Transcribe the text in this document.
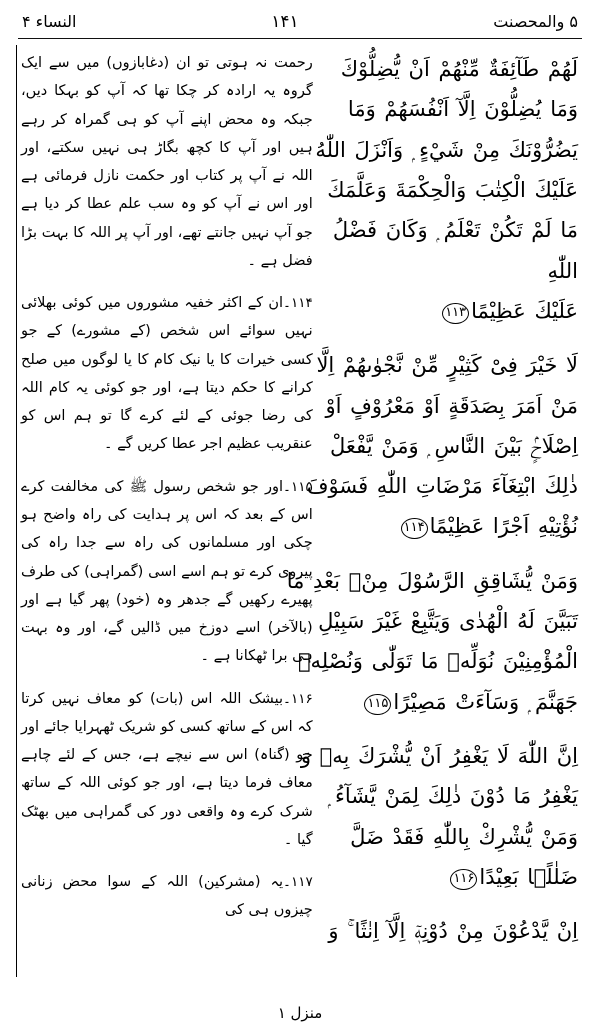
النساء ۴	۱۴۱	۵ والمحصنت

رحمت نہ ہوتی تو ان (دغابازوں) میں سے ایک گروہ یہ ارادہ کر چکا تھا کہ آپ کو بہکا دیں، جبکہ وہ محض اپنے آپ کو ہی گمراہ کر رہے ہیں اور آپ کا کچھ بگاڑ ہی نہیں سکتے، اور اللہ نے آپ پر کتاب اور حکمت نازل فرمائی ہے اور اس نے آپ کو وہ سب علم عطا کر دیا ہے جو آپ نہیں جانتے تھے، اور آپ پر اللہ کا بہت بڑا فضل ہے ۔

۱۱۴۔ان کے اکثر خفیہ مشوروں میں کوئی بھلائی نہیں سوائے اس شخص (کے مشورے) کے جو کسی خیرات کا یا نیک کام کا یا لوگوں میں صلح کرانے کا حکم دیتا ہے، اور جو کوئی یہ کام اللہ کی رضا جوئی کے لئے کرے گا تو ہم اس کو عنقریب عظیم اجر عطا کریں گے ۔

۱۱۵۔اور جو شخص رسول ﷺ کی مخالفت کرے اس کے بعد کہ اس پر ہدایت کی راہ واضح ہو چکی اور مسلمانوں کی راہ سے جدا راہ کی پیروی کرے تو ہم اسے اسی (گمراہی) کی طرف پھیرے رکھیں گے جدھر وہ (خود) پھر گیا ہے اور (بالآخر) اسے دوزخ میں ڈالیں گے، اور وہ بہت ہی برا ٹھکانا ہے ۔

۱۱۶۔بیشک اللہ اس (بات) کو معاف نہیں کرتا کہ اس کے ساتھ کسی کو شریک ٹھہرایا جائے اور جو (گناہ) اس سے نیچے ہے، جس کے لئے چاہے معاف فرما دیتا ہے، اور جو کوئی اللہ کے ساتھ شرک کرے وہ واقعی دور کی گمراہی میں بھٹک گیا ۔

۱۱۷۔یہ (مشرکین) اللہ کے سوا محض زنانی چیزوں ہی کی

لَهُمْ طَآئِفَةٌ مِّنْهُمْ اَنْ يُّضِلُّوْكَ
وَمَا يُضِلُّوْنَ اِلَّآ اَنْفُسَهُمْ وَمَا
يَضُرُّوْنَكَ مِنْ شَيْءٍ ۭ وَاَنْزَلَ اللّٰهُ
عَلَيْكَ الْكِتٰبَ وَالْحِكْمَةَ وَعَلَّمَكَ
مَا لَمْ تَكُنْ تَعْلَمُ ۭ وَكَانَ فَضْلُ
اللّٰهِ
عَلَيْكَ عَظِيْمًا۱۱۳
لَا خَيْرَ فِىْ كَثِيْرٍ مِّنْ نَّجْوٰىهُمْ اِلَّا
مَنْ اَمَرَ بِصَدَقَةٍ اَوْ مَعْرُوْفٍ اَوْ
اِصْلَاحٍۢ بَيْنَ النَّاسِ ۭ وَمَنْ يَّفْعَلْ
ذٰلِكَ ابْتِغَآءَ مَرْضَاتِ اللّٰهِ فَسَوْفَ
نُؤْتِيْهِ اَجْرًا عَظِيْمًا۱۱۴
وَمَنْ يُّشَاقِقِ الرَّسُوْلَ مِنْۢ بَعْدِ مَا
تَبَيَّنَ لَهُ الْهُدٰى وَيَتَّبِعْ غَيْرَ سَبِيْلِ
الْمُؤْمِنِيْنَ نُوَلِّهٖ مَا تَوَلّٰى وَنُصْلِهٖ
جَهَنَّمَ ۭ وَسَآءَتْ مَصِيْرًا۱۱۵
اِنَّ اللّٰهَ لَا يَغْفِرُ اَنْ يُّشْرَكَ بِهٖ وَ
يَغْفِرُ مَا دُوْنَ ذٰلِكَ لِمَنْ يَّشَآءُ ۭ
وَمَنْ يُّشْرِكْ بِاللّٰهِ فَقَدْ ضَلَّ
ضَلٰلًۢا بَعِيْدًا۱۱۶
اِنْ يَّدْعُوْنَ مِنْ دُوْنِهٖٓ اِلَّآ اِنٰثًا ۚ وَ
منزل ۱
